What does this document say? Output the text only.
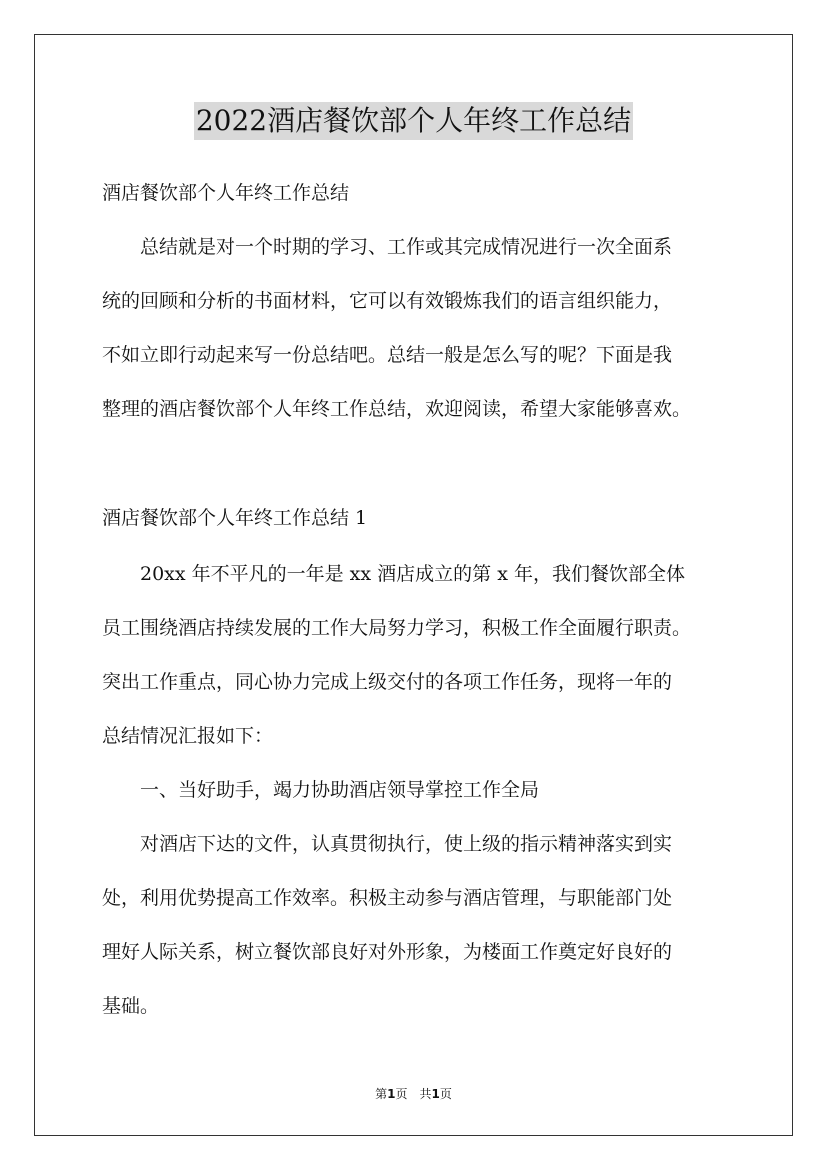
2022酒店餐饮部个人年终工作总结
酒店餐饮部个人年终工作总结
　　总结就是对一个时期的学习、工作或其完成情况进行一次全面系
统的回顾和分析的书面材料，它可以有效锻炼我们的语言组织能力，
不如立即行动起来写一份总结吧。总结一般是怎么写的呢？下面是我
整理的酒店餐饮部个人年终工作总结，欢迎阅读，希望大家能够喜欢。
酒店餐饮部个人年终工作总结 1
　　20xx 年不平凡的一年是 xx 酒店成立的第 x 年，我们餐饮部全体
员工围绕酒店持续发展的工作大局努力学习，积极工作全面履行职责。
突出工作重点，同心协力完成上级交付的各项工作任务，现将一年的
总结情况汇报如下：
　　一、当好助手，竭力协助酒店领导掌控工作全局
　　对酒店下达的文件，认真贯彻执行，使上级的指示精神落实到实
处，利用优势提高工作效率。积极主动参与酒店管理，与职能部门处
理好人际关系，树立餐饮部良好对外形象，为楼面工作奠定好良好的
基础。
第1页　共1页
